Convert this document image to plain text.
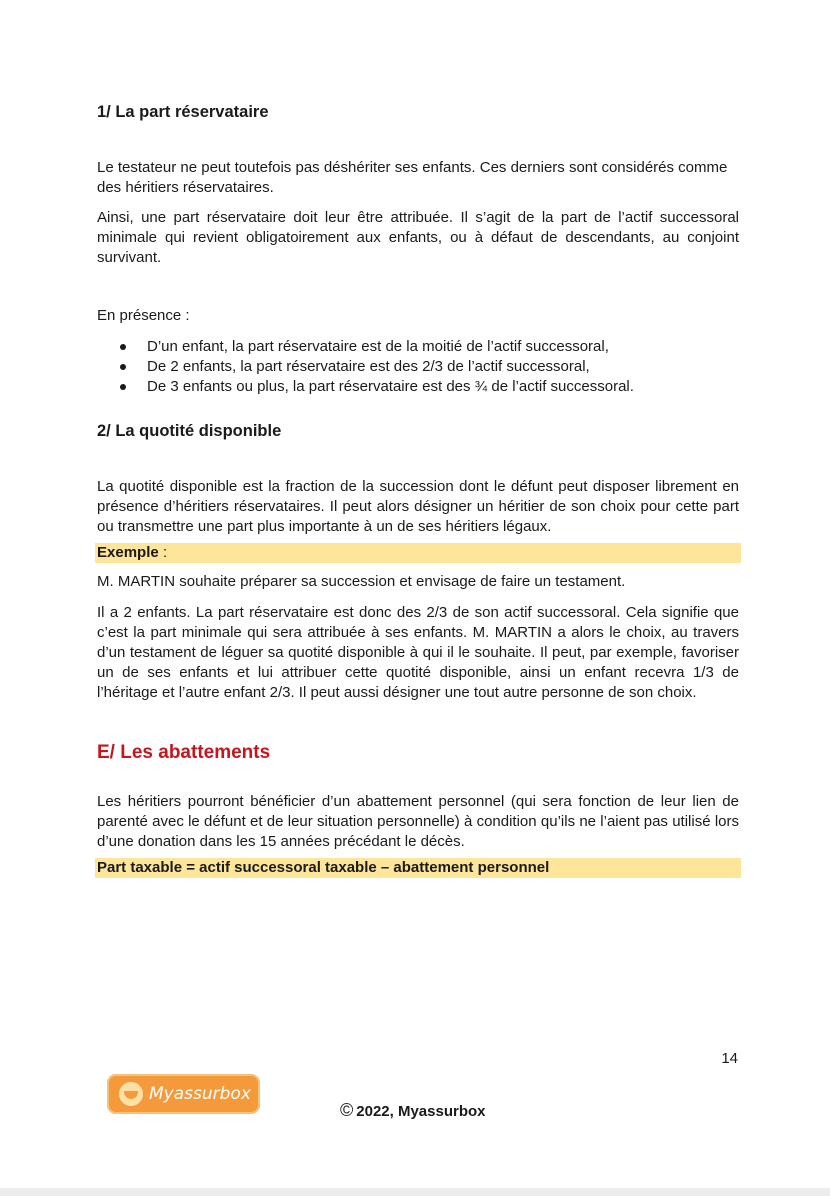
1/ La part réservataire

Le testateur ne peut toutefois pas déshériter ses enfants. Ces derniers sont considérés comme des héritiers réservataires.

Ainsi, une part réservataire doit leur être attribuée. Il s’agit de la part de l’actif successoral minimale qui revient obligatoirement aux enfants, ou à défaut de descendants, au conjoint survivant.

En présence :

D’un enfant, la part réservataire est de la moitié de l’actif successoral,
De 2 enfants, la part réservataire est des 2/3 de l’actif successoral,
De 3 enfants ou plus, la part réservataire est des ¾ de l’actif successoral.
2/ La quotité disponible

La quotité disponible est la fraction de la succession dont le défunt peut disposer librement en présence d’héritiers réservataires. Il peut alors désigner un héritier de son choix pour cette part ou transmettre une part plus importante à un de ses héritiers légaux.

Exemple :

M. MARTIN souhaite préparer sa succession et envisage de faire un testament.

Il a 2 enfants. La part réservataire est donc des 2/3 de son actif successoral. Cela signifie que c’est la part minimale qui sera attribuée à ses enfants. M. MARTIN a alors le choix, au travers d’un testament de léguer sa quotité disponible à qui il le souhaite. Il peut, par exemple, favoriser un de ses enfants et lui attribuer cette quotité disponible, ainsi un enfant recevra 1/3 de l’héritage et l’autre enfant 2/3. Il peut aussi désigner une tout autre personne de son choix.

E/ Les abattements

Les héritiers pourront bénéficier d’un abattement personnel (qui sera fonction de leur lien de parenté avec le défunt et de leur situation personnelle) à condition qu’ils ne l’aient pas utilisé lors d’une donation dans les 15 années précédant le décès.

Part taxable = actif successoral taxable – abattement personnel
14
Myassurbox
© 2022, Myassurbox
